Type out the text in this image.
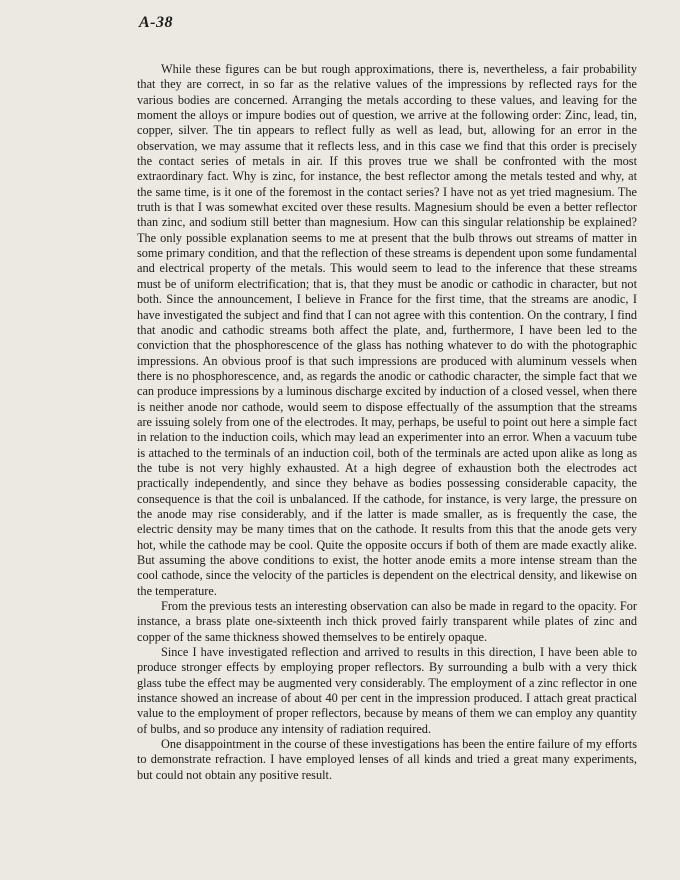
A-38

While these figures can be but rough approximations, there is, nevertheless, a fair probability that they are correct, in so far as the relative values of the impressions by reflected rays for the various bodies are concerned. Arranging the metals according to these values, and leaving for the moment the alloys or impure bodies out of question, we arrive at the following order: Zinc, lead, tin, copper, silver. The tin appears to reflect fully as well as lead, but, allowing for an error in the observation, we may assume that it reflects less, and in this case we find that this order is precisely the contact series of metals in air. If this proves true we shall be confronted with the most extraordinary fact. Why is zinc, for instance, the best reflector among the metals tested and why, at the same time, is it one of the foremost in the contact series? I have not as yet tried magnesium. The truth is that I was somewhat excited over these results. Magnesium should be even a better reflector than zinc, and sodium still better than magnesium. How can this singular relationship be explained? The only possible explanation seems to me at present that the bulb throws out streams of matter in some primary condition, and that the reflection of these streams is dependent upon some fundamental and electrical property of the metals. This would seem to lead to the inference that these streams must be of uniform electrification; that is, that they must be anodic or cathodic in character, but not both. Since the announcement, I believe in France for the first time, that the streams are anodic, I have investigated the subject and find that I can not agree with this contention. On the contrary, I find that anodic and cathodic streams both affect the plate, and, furthermore, I have been led to the conviction that the phosphorescence of the glass has nothing whatever to do with the photographic impressions. An obvious proof is that such impressions are produced with aluminum vessels when there is no phosphorescence, and, as regards the anodic or cathodic character, the simple fact that we can produce impressions by a luminous discharge excited by induction of a closed vessel, when there is neither anode nor cathode, would seem to dispose effectually of the assumption that the streams are issuing solely from one of the electrodes. It may, perhaps, be useful to point out here a simple fact in relation to the induction coils, which may lead an experimenter into an error. When a vacuum tube is attached to the terminals of an induction coil, both of the terminals are acted upon alike as long as the tube is not very highly exhausted. At a high degree of exhaustion both the electrodes act practically independently, and since they behave as bodies possessing considerable capacity, the consequence is that the coil is unbalanced. If the cathode, for instance, is very large, the pressure on the anode may rise considerably, and if the latter is made smaller, as is frequently the case, the electric density may be many times that on the cathode. It results from this that the anode gets very hot, while the cathode may be cool. Quite the opposite occurs if both of them are made exactly alike. But assuming the above conditions to exist, the hotter anode emits a more intense stream than the cool cathode, since the velocity of the particles is dependent on the electrical density, and likewise on the temperature.

From the previous tests an interesting observation can also be made in regard to the opacity. For instance, a brass plate one-sixteenth inch thick proved fairly transparent while plates of zinc and copper of the same thickness showed themselves to be entirely opaque.

Since I have investigated reflection and arrived to results in this direction, I have been able to produce stronger effects by employing proper reflectors. By surrounding a bulb with a very thick glass tube the effect may be augmented very considerably. The employment of a zinc reflector in one instance showed an increase of about 40 per cent in the impression produced. I attach great practical value to the employment of proper reflectors, because by means of them we can employ any quantity of bulbs, and so produce any intensity of radiation required.

One disappointment in the course of these investigations has been the entire failure of my efforts to demonstrate refraction. I have employed lenses of all kinds and tried a great many experiments, but could not obtain any positive result.
